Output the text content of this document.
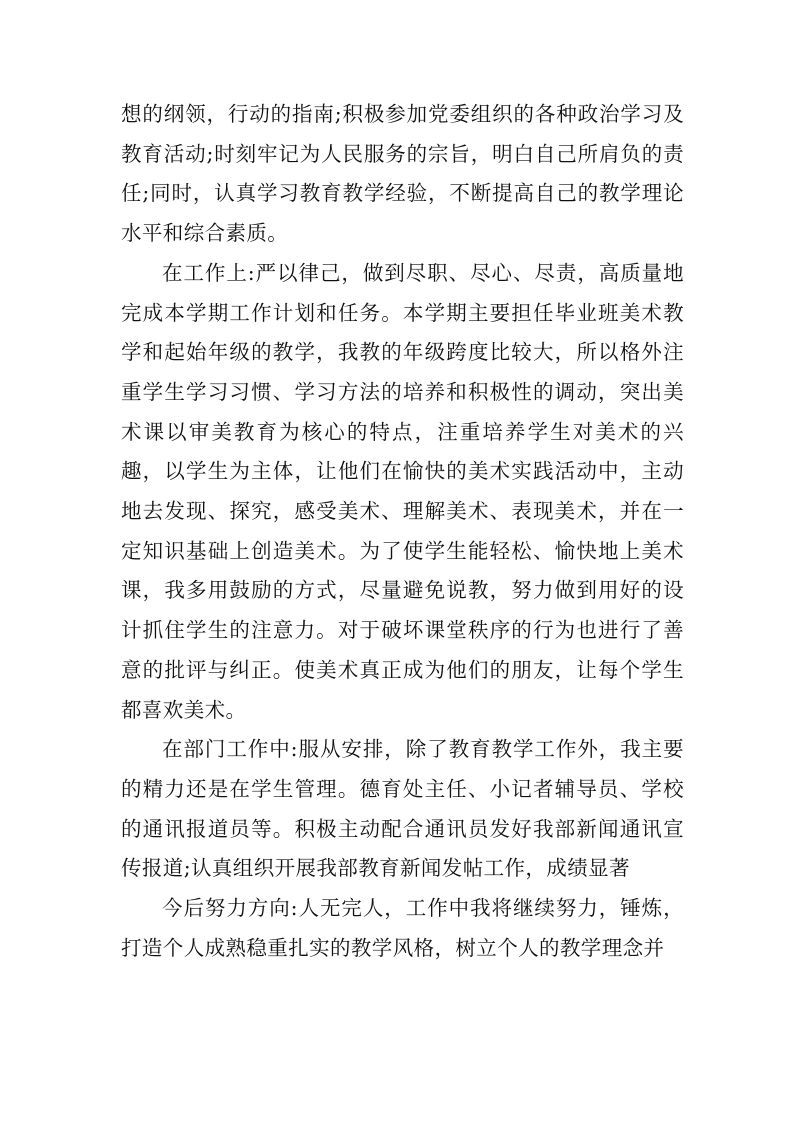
想的纲领，行动的指南;积极参加党委组织的各种政治学习及教育活动;时刻牢记为人民服务的宗旨，明白自己所肩负的责任;同时，认真学习教育教学经验，不断提高自己的教学理论水平和综合素质。

在工作上:严以律己，做到尽职、尽心、尽责，高质量地完成本学期工作计划和任务。本学期主要担任毕业班美术教学和起始年级的教学，我教的年级跨度比较大，所以格外注重学生学习习惯、学习方法的培养和积极性的调动，突出美术课以审美教育为核心的特点，注重培养学生对美术的兴趣，以学生为主体，让他们在愉快的美术实践活动中，主动地去发现、探究，感受美术、理解美术、表现美术，并在一定知识基础上创造美术。为了使学生能轻松、愉快地上美术课，我多用鼓励的方式，尽量避免说教，努力做到用好的设计抓住学生的注意力。对于破坏课堂秩序的行为也进行了善意的批评与纠正。使美术真正成为他们的朋友，让每个学生都喜欢美术。

在部门工作中:服从安排，除了教育教学工作外，我主要的精力还是在学生管理。德育处主任、小记者辅导员、学校的通讯报道员等。积极主动配合通讯员发好我部新闻通讯宣传报道;认真组织开展我部教育新闻发帖工作，成绩显著

今后努力方向:人无完人，工作中我将继续努力，锤炼，打造个人成熟稳重扎实的教学风格，树立个人的教学理念并
